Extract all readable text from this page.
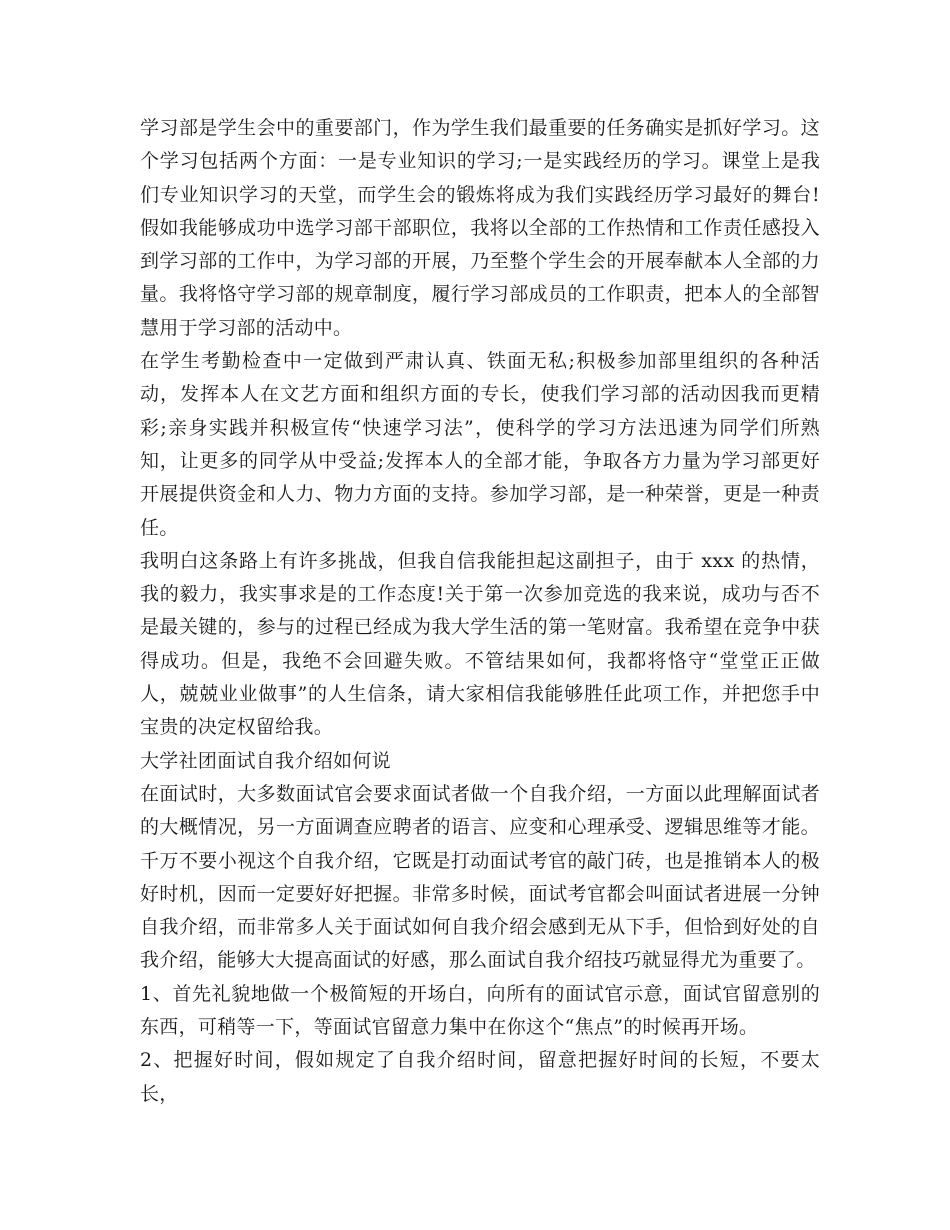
学习部是学生会中的重要部门，作为学生我们最重要的任务确实是抓好学习。这个学习包括两个方面：一是专业知识的学习;一是实践经历的学习。课堂上是我们专业知识学习的天堂，而学生会的锻炼将成为我们实践经历学习最好的舞台!假如我能够成功中选学习部干部职位，我将以全部的工作热情和工作责任感投入到学习部的工作中，为学习部的开展，乃至整个学生会的开展奉献本人全部的力量。我将恪守学习部的规章制度，履行学习部成员的工作职责，把本人的全部智慧用于学习部的活动中。

在学生考勤检查中一定做到严肃认真、铁面无私;积极参加部里组织的各种活动，发挥本人在文艺方面和组织方面的专长，使我们学习部的活动因我而更精彩;亲身实践并积极宣传“快速学习法”，使科学的学习方法迅速为同学们所熟知，让更多的同学从中受益;发挥本人的全部才能，争取各方力量为学习部更好开展提供资金和人力、物力方面的支持。参加学习部，是一种荣誉，更是一种责任。

我明白这条路上有许多挑战，但我自信我能担起这副担子，由于 xxx 的热情，我的毅力，我实事求是的工作态度!关于第一次参加竞选的我来说，成功与否不是最关键的，参与的过程已经成为我大学生活的第一笔财富。我希望在竞争中获得成功。但是，我绝不会回避失败。不管结果如何，我都将恪守“堂堂正正做人，兢兢业业做事”的人生信条，请大家相信我能够胜任此项工作，并把您手中宝贵的决定权留给我。

大学社团面试自我介绍如何说

在面试时，大多数面试官会要求面试者做一个自我介绍，一方面以此理解面试者的大概情况，另一方面调查应聘者的语言、应变和心理承受、逻辑思维等才能。千万不要小视这个自我介绍，它既是打动面试考官的敲门砖，也是推销本人的极好时机，因而一定要好好把握。非常多时候，面试考官都会叫面试者进展一分钟自我介绍，而非常多人关于面试如何自我介绍会感到无从下手，但恰到好处的自我介绍，能够大大提高面试的好感，那么面试自我介绍技巧就显得尤为重要了。

1、首先礼貌地做一个极简短的开场白，向所有的面试官示意，面试官留意别的东西，可稍等一下，等面试官留意力集中在你这个“焦点”的时候再开场。

2、把握好时间，假如规定了自我介绍时间，留意把握好时间的长短，不要太长，
